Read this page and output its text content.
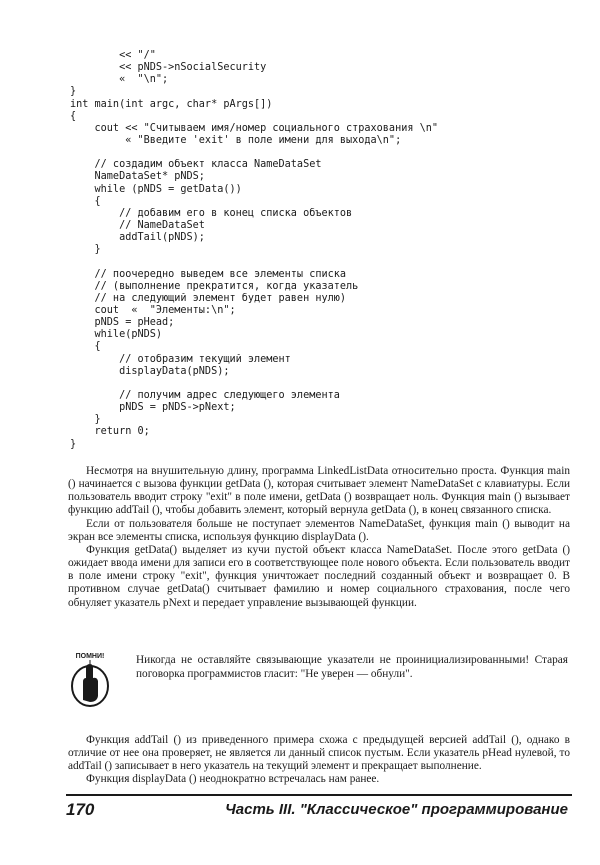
<< "/"
<< pNDS->nSocialSecurity
«  "\n";
}
int main(int argc, char* pArgs[])
{
cout << "Считываем имя/номер социального страхования \n"
« "Введите 'exit' в поле имени для выхода\n";
// создадим объект класса NameDataSet
NameDataSet* pNDS;
while (pNDS = getData())
{
// добавим его в конец списка объектов
// NameDataSet
addTail(pNDS);
}
// поочередно выведем все элементы списка
// (выполнение прекратится, когда указатель
// на следующий элемент будет равен нулю)
cout  «  "Элементы:\n";
pNDS = pHead;
while(pNDS)
{
// отобразим текущий элемент
displayData(pNDS);
// получим адрес следующего элемента
pNDS = pNDS->pNext;
}
return 0;
}

Несмотря на внушительную длину, программа LinkedListData относительно проста. Функция main () начинается с вызова функции getData (), которая считывает элемент NameDataSet с клавиатуры. Если пользователь вводит строку "exit" в поле имени, getData () возвращает ноль. Функция main () вызывает функцию addTail (), чтобы добавить элемент, который вернула getData (), в конец связанного списка.

Если от пользователя больше не поступает элементов NameDataSet, функция main () выводит на экран все элементы списка, используя функцию displayData ().

Функция getData() выделяет из кучи пустой объект класса NameDataSet. После этого getData () ожидает ввода имени для записи его в соответствующее поле нового объекта. Если пользователь вводит в поле имени строку "exit", функция уничтожает последний созданный объект и возвращает 0. В противном случае getData() считывает фамилию и номер социального страхования, после чего обнуляет указатель pNext и передает управление вызывающей функции.

ПОМНИ!	Никогда не оставляйте связывающие указатели не проинициализированными! Старая поговорка программистов гласит: "Не уверен — обнули".

Функция addTail () из приведенного примера схожа с предыдущей версией addTail (), однако в отличие от нее она проверяет, не является ли данный список пустым. Если указатель pHead нулевой, то addTail () записывает в него указатель на текущий элемент и прекращает выполнение.

Функция displayData () неоднократно встречалась нам ранее.

170	Часть III. "Классическое" программирование
